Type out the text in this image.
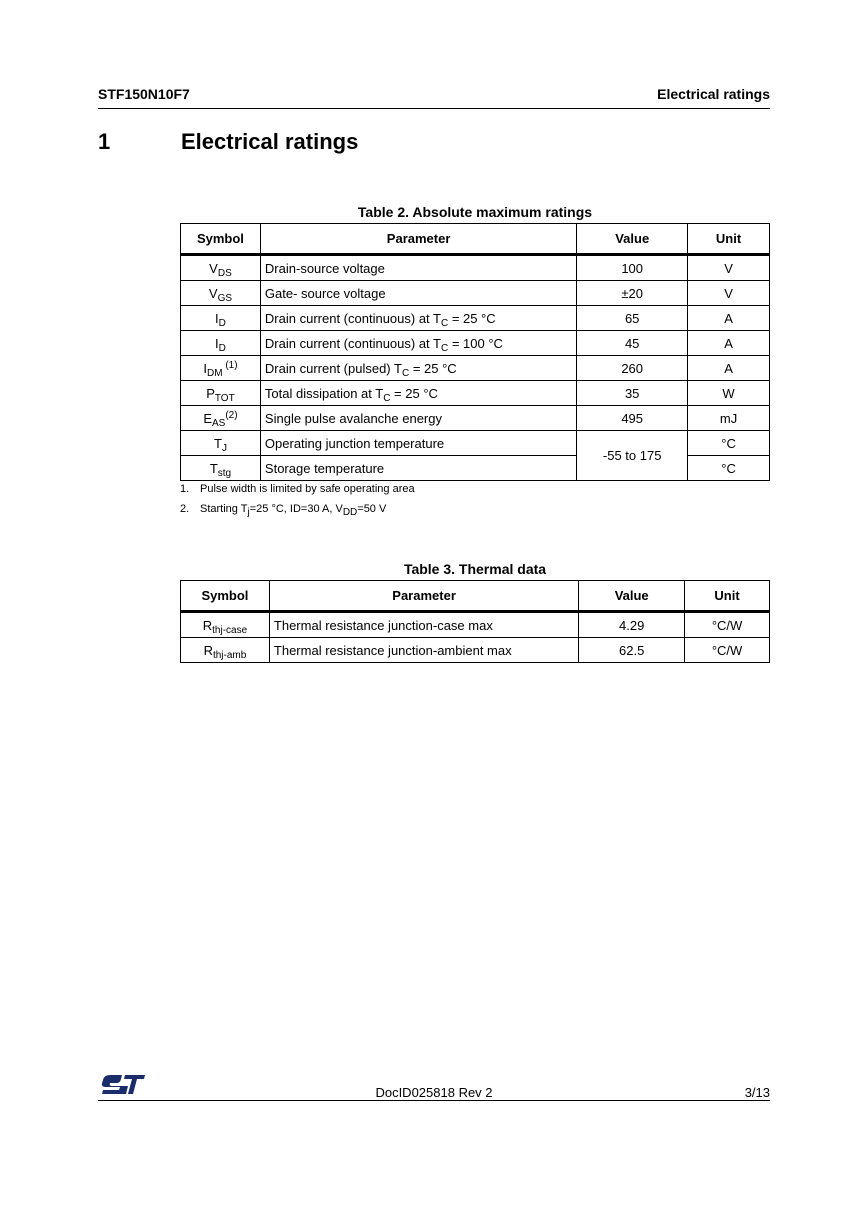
STF150N10F7	Electrical ratings
1	Electrical ratings
Table 2. Absolute maximum ratings
Symbol	Parameter	Value	Unit
$V_{DS}$	Drain-source voltage	100	V
$V_{GS}$	Gate- source voltage	±20	V
$I_D$	Drain current (continuous) at $T_C = 25$ °C	65	A
$I_D$	Drain current (continuous) at $T_C = 100$ °C	45	A
$I_{DM}$ $^{(1)}$	Drain current (pulsed) $T_C = 25$ °C	260	A
$P_{TOT}$	Total dissipation at $T_C = 25$ °C	35	W
$E_{AS}^{(2)}$	Single pulse avalanche energy	495	mJ
$T_J$	Operating junction temperature	-55 to 175	°C
$T_{stg}$	Storage temperature		°C
1. Pulse width is limited by safe operating area
2. Starting $T_j=25$ °C, ID=30 A, $V_{DD}=50$ V
Table 3. Thermal data
Symbol	Parameter	Value	Unit
$R_{thj-case}$	Thermal resistance junction-case max	4.29	°C/W
$R_{thj-amb}$	Thermal resistance junction-ambient max	62.5	°C/W
DocID025818 Rev 2	3/13
